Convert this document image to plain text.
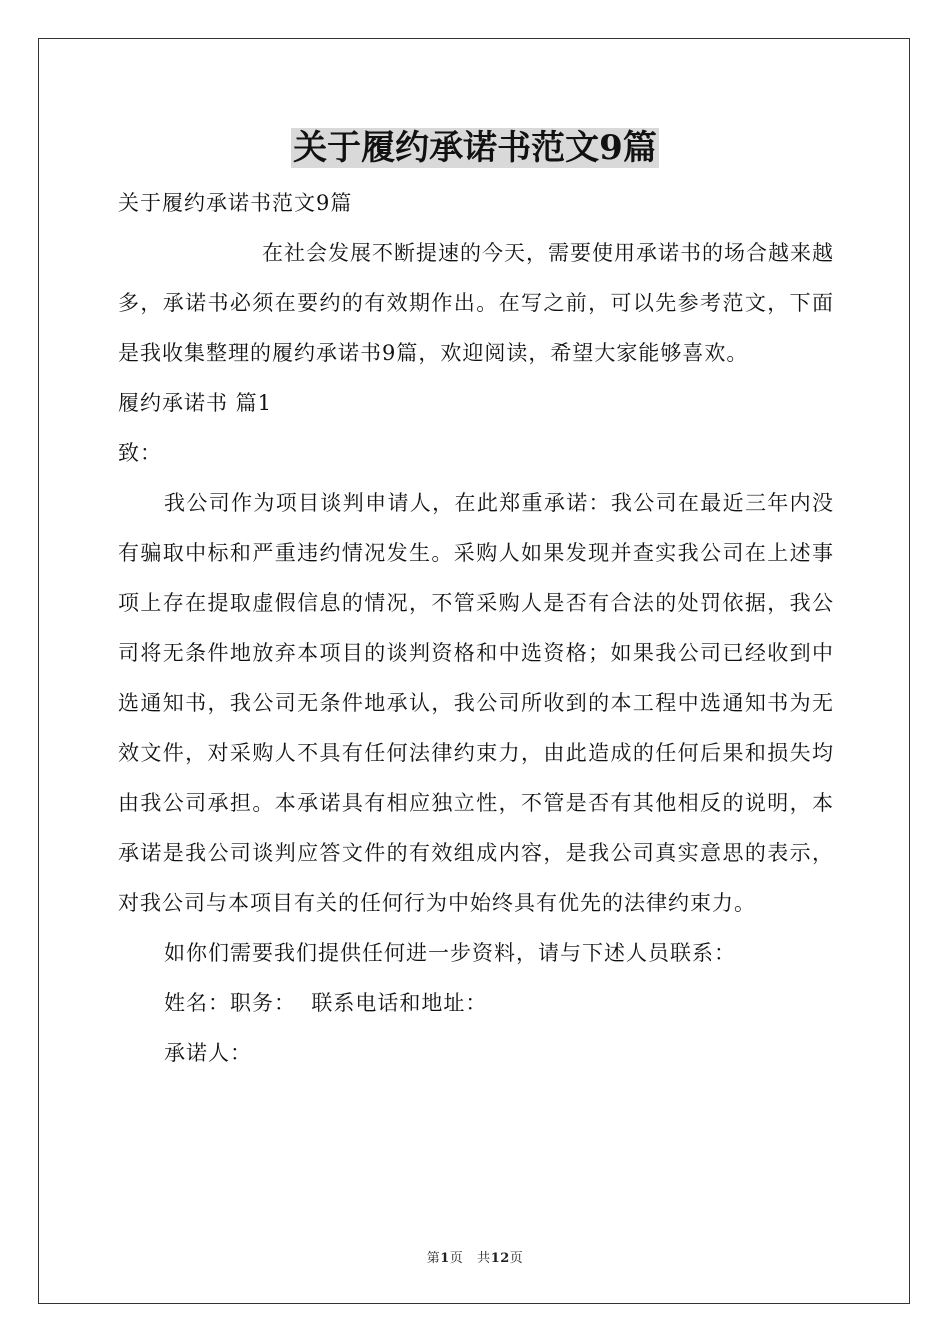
关于履约承诺书范文9篇

关于履约承诺书范文9篇

在社会发展不断提速的今天，需要使用承诺书的场合越来越多，承诺书必须在要约的有效期作出。在写之前，可以先参考范文，下面是我收集整理的履约承诺书9篇，欢迎阅读，希望大家能够喜欢。

履约承诺书 篇1

致：

我公司作为项目谈判申请人，在此郑重承诺：我公司在最近三年内没有骗取中标和严重违约情况发生。采购人如果发现并查实我公司在上述事项上存在提取虚假信息的情况，不管采购人是否有合法的处罚依据，我公司将无条件地放弃本项目的谈判资格和中选资格；如果我公司已经收到中选通知书，我公司无条件地承认，我公司所收到的本工程中选通知书为无效文件，对采购人不具有任何法律约束力，由此造成的任何后果和损失均由我公司承担。本承诺具有相应独立性，不管是否有其他相反的说明，本承诺是我公司谈判应答文件的有效组成内容，是我公司真实意思的表示，对我公司与本项目有关的任何行为中始终具有优先的法律约束力。

如你们需要我们提供任何进一步资料，请与下述人员联系：

姓名：职务：  联系电话和地址：

承诺人：

第1页 共12页
